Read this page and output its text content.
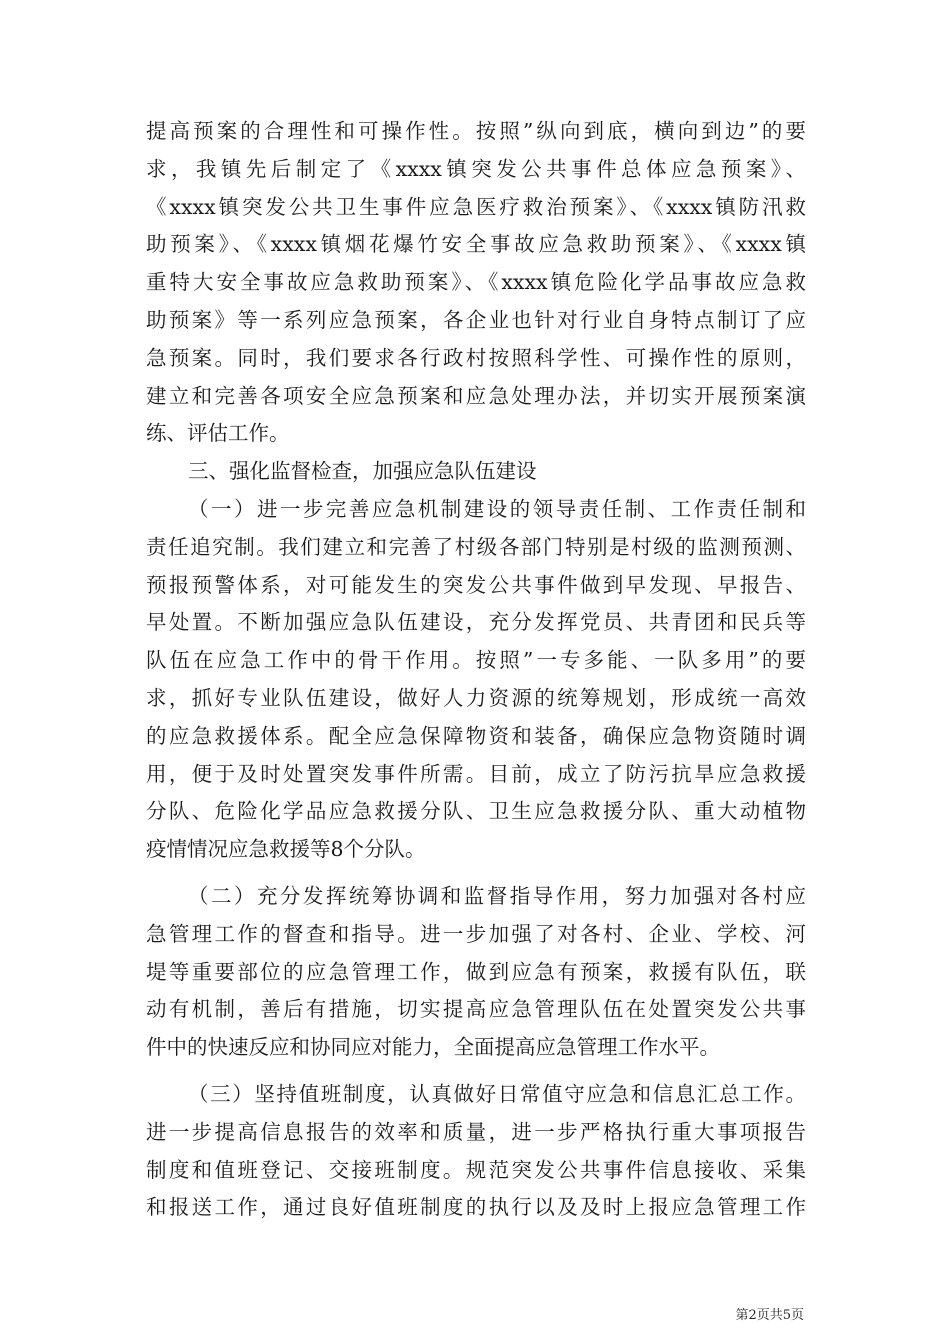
提高预案的合理性和可操作性。按照”纵向到底，横向到边”的要
求，我镇先后制定了《xxxx镇突发公共事件总体应急预案》、
《xxxx镇突发公共卫生事件应急医疗救治预案》、《xxxx镇防汛救
助预案》、《xxxx镇烟花爆竹安全事故应急救助预案》、《xxxx镇
重特大安全事故应急救助预案》、《xxxx镇危险化学品事故应急救
助预案》等一系列应急预案，各企业也针对行业自身特点制订了应
急预案。同时，我们要求各行政村按照科学性、可操作性的原则，
建立和完善各项安全应急预案和应急处理办法，并切实开展预案演
练、评估工作。
三、强化监督检查，加强应急队伍建设
（一）进一步完善应急机制建设的领导责任制、工作责任制和
责任追究制。我们建立和完善了村级各部门特别是村级的监测预测、
预报预警体系，对可能发生的突发公共事件做到早发现、早报告、
早处置。不断加强应急队伍建设，充分发挥党员、共青团和民兵等
队伍在应急工作中的骨干作用。按照”一专多能、一队多用”的要
求，抓好专业队伍建设，做好人力资源的统筹规划，形成统一高效
的应急救援体系。配全应急保障物资和装备，确保应急物资随时调
用，便于及时处置突发事件所需。目前，成立了防污抗旱应急救援
分队、危险化学品应急救援分队、卫生应急救援分队、重大动植物
疫情情况应急救援等8个分队。
（二）充分发挥统筹协调和监督指导作用，努力加强对各村应
急管理工作的督查和指导。进一步加强了对各村、企业、学校、河
堤等重要部位的应急管理工作，做到应急有预案，救援有队伍，联
动有机制，善后有措施，切实提高应急管理队伍在处置突发公共事
件中的快速反应和协同应对能力，全面提高应急管理工作水平。
（三）坚持值班制度，认真做好日常值守应急和信息汇总工作。
进一步提高信息报告的效率和质量，进一步严格执行重大事项报告
制度和值班登记、交接班制度。规范突发公共事件信息接收、采集
和报送工作，通过良好值班制度的执行以及及时上报应急管理工作
第2页共5页
